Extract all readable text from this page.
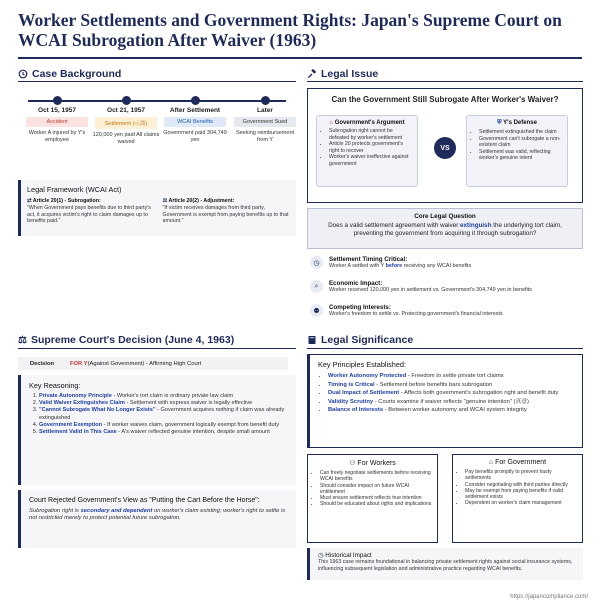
Worker Settlements and Government Rights: Japan's Supreme Court on WCAI Subrogation After Waiver (1963)
Case Background
Oct 15, 1957
Accident
Worker A injured by Y's employee
Oct 21, 1957
Settlement (示談)
120,000 yen paid All claims waived
After Settlement
WCAI Benefits
Government paid 304,749 yen
Later
Government Sued
Seeking reimbursement from Y
Legal Framework (WCAI Act)
⇄ Article 20(1) - Subrogation:
"When Government pays benefits due to third party's act, it acquires victim's right to claim damages up to benefits paid."
⚖ Article 20(2) - Adjustment:
"If victim receives damages from third party, Government is exempt from paying benefits up to that amount."
Legal Issue
Can the Government Still Subrogate After Worker's Waiver?
⌂ Government's Argument
• Subrogation right cannot be defeated by worker's settlement
• Article 20 protects government's right to recover
• Worker's waiver ineffective against government
VS
⛨ Y's Defense
• Settlement extinguished the claim
• Government can't subrogate a non-existent claim
• Settlement was valid, reflecting worker's genuine intent
Core Legal Question
Does a valid settlement agreement with waiver extinguish the underlying tort claim, preventing the government from acquiring it through subrogation?
◷	Settlement Timing Critical:
Worker A settled with Y before receiving any WCAI benefits
⌕	Economic Impact:
Worker received 120,000 yen in settlement vs. Government's 304,749 yen in benefits
⚉	Competing Interests:
Worker's freedom to settle vs. Protecting government's financial interests
⚖ Supreme Court's Decision (June 4, 1963)
Decision	FOR Y (Against Government) - Affirming High Court
Key Reasoning:
1. Private Autonomy Principle - Worker's tort claim is ordinary private law claim
2. Valid Waiver Extinguishes Claim - Settlement with express waiver is legally effective
3. "Cannot Subrogate What No Longer Exists" - Government acquires nothing if claim was already extinguished
4. Government Exemption - If worker waives claim, government logically exempt from benefit duty
5. Settlement Valid in This Case - A's waiver reflected genuine intention, despite small amount
Court Rejected Government's View as "Putting the Cart Before the Horse":
Subrogation right is secondary and dependent on worker's claim existing; worker's right to settle is not restricted merely to protect potential future subrogation.
Legal Significance
Key Principles Established:
• Worker Autonomy Protected - Freedom to settle private tort claims
• Timing is Critical - Settlement before benefits bars subrogation
• Dual Impact of Settlement - Affects both government's subrogation right and benefit duty
• Validity Scrutiny - Courts examine if waiver reflects "genuine intention" (真意)
• Balance of Interests - Between worker autonomy and WCAI system integrity
⚇ For Workers
• Can freely negotiate settlements before receiving WCAI benefits
• Should consider impact on future WCAI entitlement
• Must ensure settlement reflects true intention
• Should be educated about rights and implications
⌂ For Government
• Pay benefits promptly to prevent hasty settlements
• Consider negotiating with third parties directly
• May be exempt from paying benefits if valid settlement exists
• Dependent on worker's claim management
◷ Historical Impact
This 1963 case remains foundational in balancing private settlement rights against social insurance systems, influencing subsequent legislation and administrative practice regarding WCAI benefits.
https://japancompliance.com/
